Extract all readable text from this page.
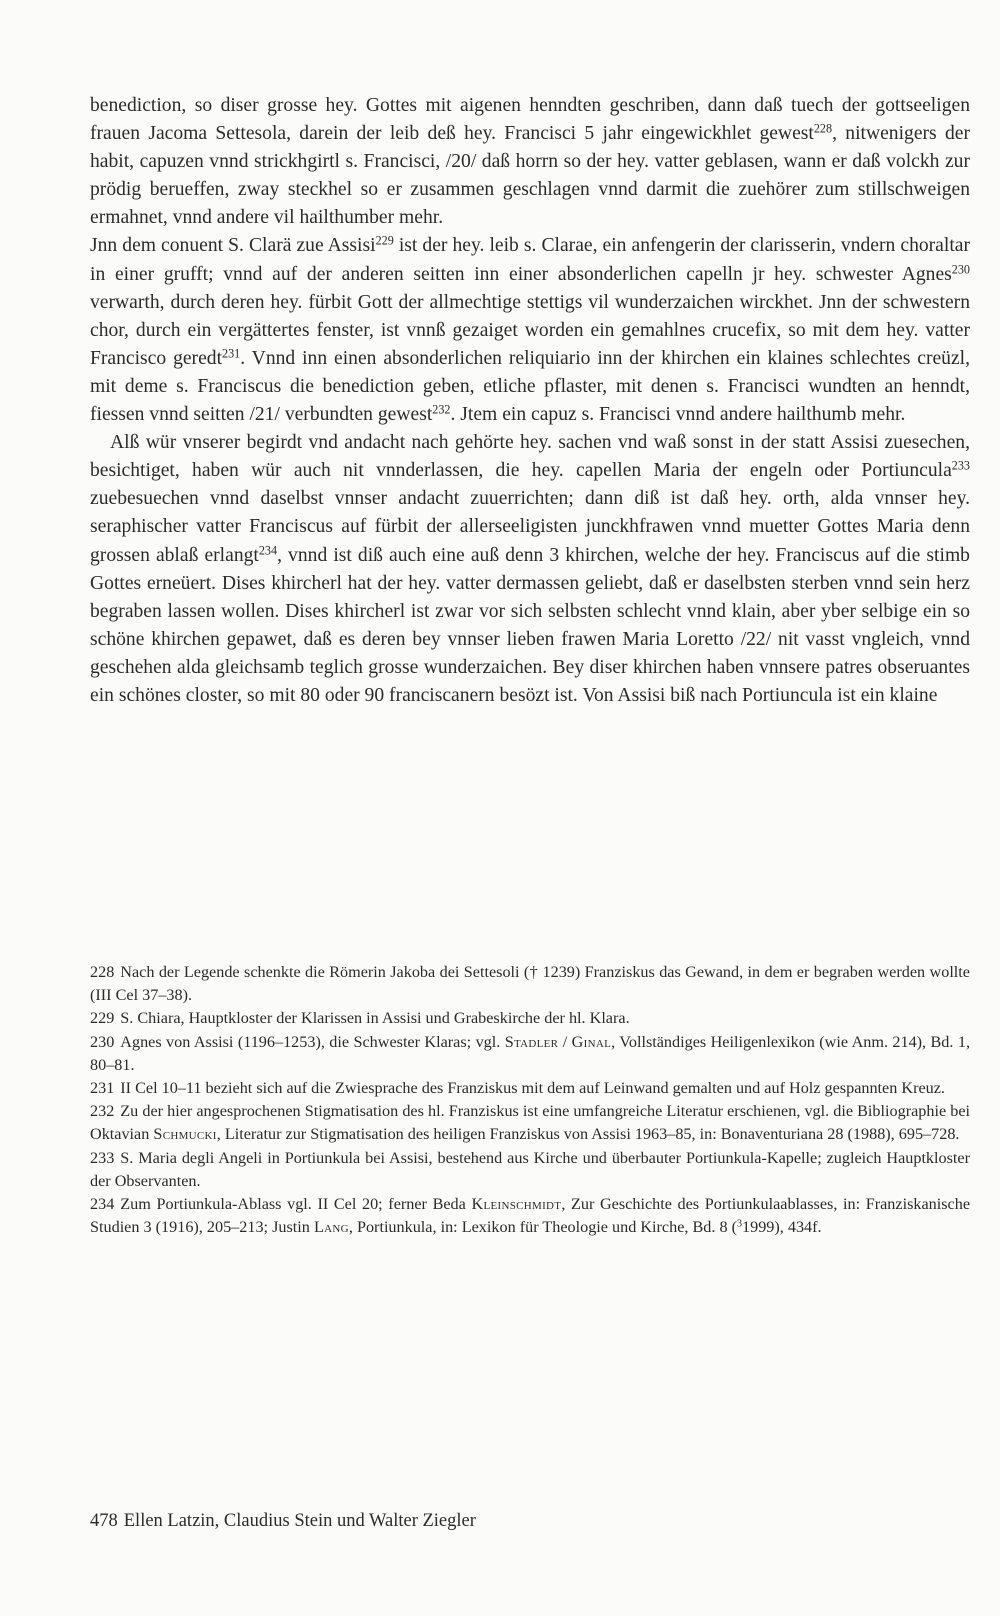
benediction, so diser grosse hey. Gottes mit aigenen henndten geschriben, dann daß tuech der gottseeligen frauen Jacoma Settesola, darein der leib deß hey. Francisci 5 jahr eingewickhlet gewest$^{228}$, nitwenigers der habit, capuzen vnnd strickhgirtl s. Francisci, /20/ daß horrn so der hey. vatter geblasen, wann er daß volckh zur prödig berueffen, zway steckhel so er zusammen geschlagen vnnd darmit die zuehörer zum stillschweigen ermahnet, vnnd andere vil hailthumber mehr.

Jnn dem conuent S. Clarä zue Assisi$^{229}$ ist der hey. leib s. Clarae, ein anfengerin der clarisserin, vndern choraltar in einer grufft; vnnd auf der anderen seitten inn einer absonderlichen capelln jr hey. schwester Agnes$^{230}$ verwarth, durch deren hey. fürbit Gott der allmechtige stettigs vil wunderzaichen wirckhet. Jnn der schwestern chor, durch ein vergättertes fenster, ist vnnß gezaiget worden ein gemahlnes crucefix, so mit dem hey. vatter Francisco geredt$^{231}$. Vnnd inn einen absonderlichen reliquiario inn der khirchen ein klaines schlechtes creüzl, mit deme s. Franciscus die benediction geben, etliche pflaster, mit denen s. Francisci wundten an henndt, fiessen vnnd seitten /21/ verbundten gewest$^{232}$. Jtem ein capuz s. Francisci vnnd andere hailthumb mehr.

Alß wür vnserer begirdt vnd andacht nach gehörte hey. sachen vnd waß sonst in der statt Assisi zuesechen, besichtiget, haben wür auch nit vnnderlassen, die hey. capellen Maria der engeln oder Portiuncula$^{233}$ zuebesuechen vnnd daselbst vnnser andacht zuuerrichten; dann diß ist daß hey. orth, alda vnnser hey. seraphischer vatter Franciscus auf fürbit der allerseeligisten junckhfrawen vnnd muetter Gottes Maria denn grossen ablaß erlangt$^{234}$, vnnd ist diß auch eine auß denn 3 khirchen, welche der hey. Franciscus auf die stimb Gottes erneüert. Dises khircherl hat der hey. vatter dermassen geliebt, daß er daselbsten sterben vnnd sein herz begraben lassen wollen. Dises khircherl ist zwar vor sich selbsten schlecht vnnd klain, aber yber selbige ein so schöne khirchen gepawet, daß es deren bey vnnser lieben frawen Maria Loretto /22/ nit vasst vngleich, vnnd geschehen alda gleichsamb teglich grosse wunderzaichen. Bey diser khirchen haben vnnsere patres obseruantes ein schönes closter, so mit 80 oder 90 franciscanern besözt ist. Von Assisi biß nach Portiuncula ist ein klaine

228 Nach der Legende schenkte die Römerin Jakoba dei Settesoli († 1239) Franziskus das Gewand, in dem er begraben werden wollte (III Cel 37–38).

229 S. Chiara, Hauptkloster der Klarissen in Assisi und Grabeskirche der hl. Klara.

230 Agnes von Assisi (1196–1253), die Schwester Klaras; vgl. Stadler / Ginal, Vollständiges Heiligenlexikon (wie Anm. 214), Bd. 1, 80–81.

231 II Cel 10–11 bezieht sich auf die Zwiesprache des Franziskus mit dem auf Leinwand gemalten und auf Holz gespannten Kreuz.

232 Zu der hier angesprochenen Stigmatisation des hl. Franziskus ist eine umfangreiche Literatur erschienen, vgl. die Bibliographie bei Oktavian Schmucki, Literatur zur Stigmatisation des heiligen Franziskus von Assisi 1963–85, in: Bonaventuriana 28 (1988), 695–728.

233 S. Maria degli Angeli in Portiunkula bei Assisi, bestehend aus Kirche und überbauter Portiunkula-Kapelle; zugleich Hauptkloster der Observanten.

234 Zum Portiunkula-Ablass vgl. II Cel 20; ferner Beda Kleinschmidt, Zur Geschichte des Portiunkulaablasses, in: Franziskanische Studien 3 (1916), 205–213; Justin Lang, Portiunkula, in: Lexikon für Theologie und Kirche, Bd. 8 ($^3$1999), 434f.

478 Ellen Latzin, Claudius Stein und Walter Ziegler
